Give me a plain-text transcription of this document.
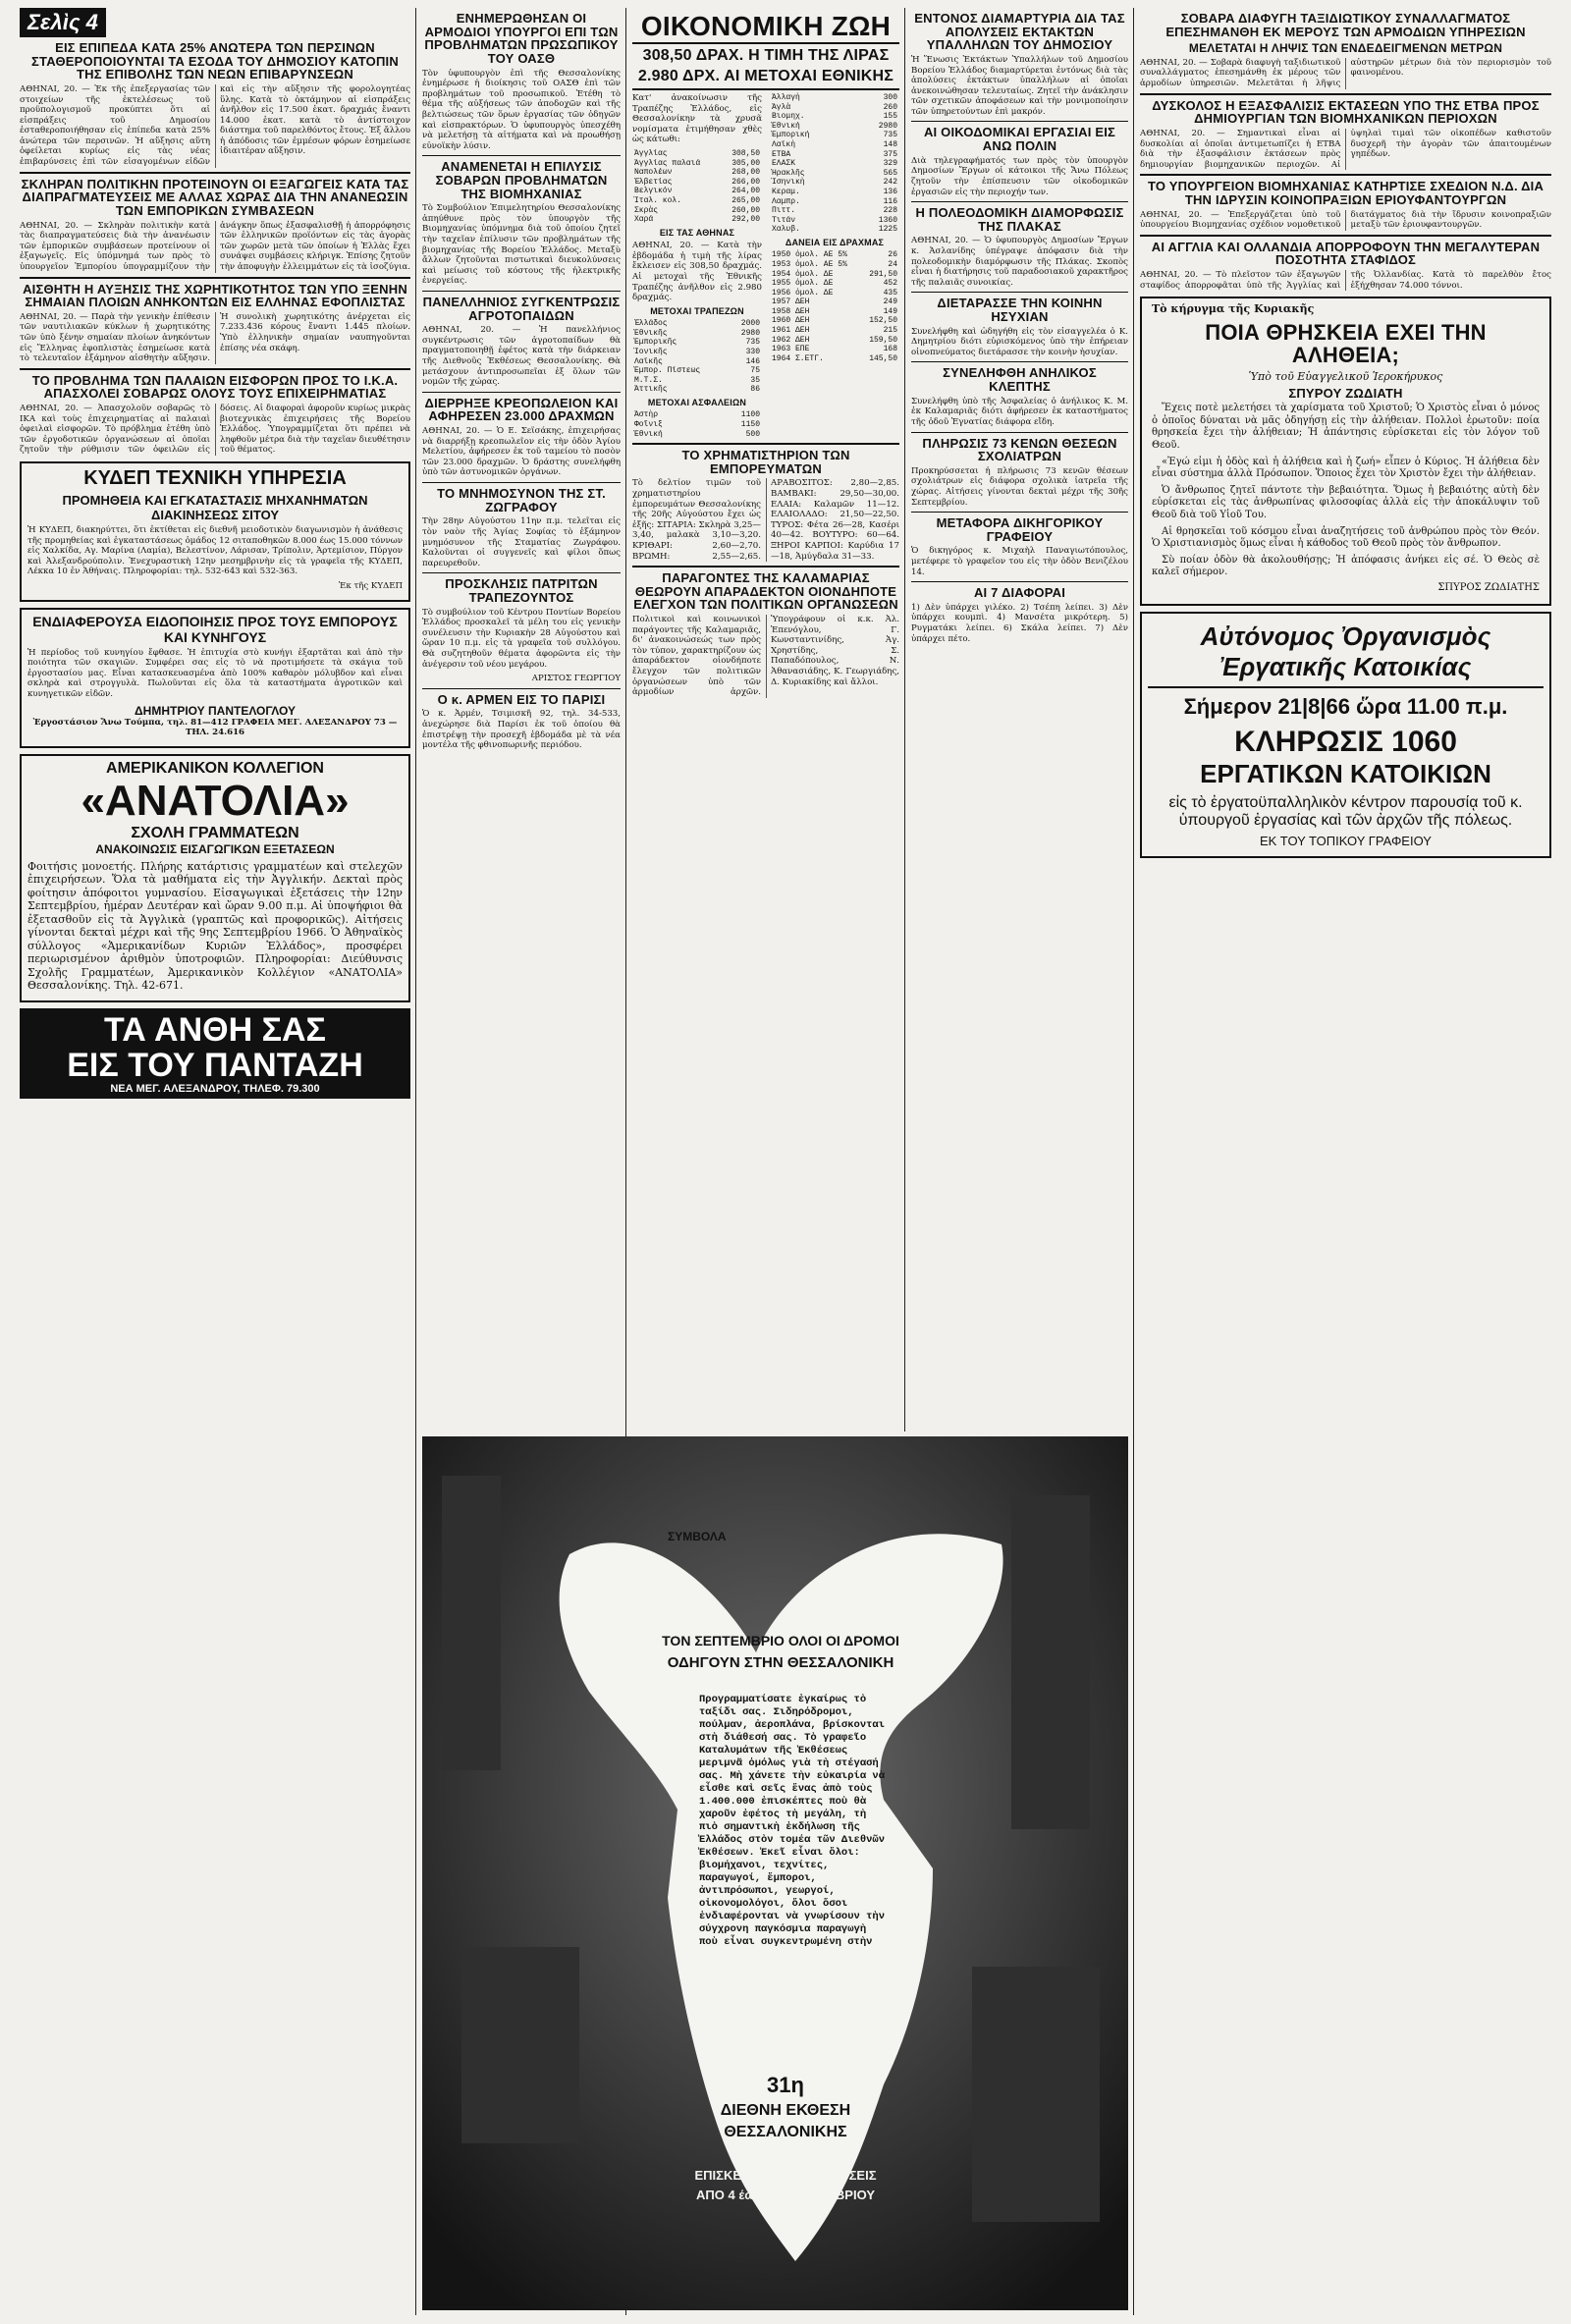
Σελὶς 4
ΕΙΣ ΕΠΙΠΕΔΑ ΚΑΤΑ 25% ΑΝΩΤΕΡΑ ΤΩΝ ΠΕΡΣΙΝΩΝ ΣΤΑΘΕΡΟΠΟΙΟΥΝΤΑΙ ΤΑ ΕΣΟΔΑ ΤΟΥ ΔΗΜΟΣΙΟΥ ΚΑΤΟΠΙΝ ΤΗΣ ΕΠΙΒΟΛΗΣ ΤΩΝ ΝΕΩΝ ΕΠΙΒΑΡΥΝΣΕΩΝ
ΑΘΗΝΑΙ, 20. — Ἐκ τῆς ἐπεξεργασίας τῶν στοιχείων τῆς ἐκτελέσεως τοῦ προϋπολογισμοῦ προκύπτει ὅτι αἱ εἰσπράξεις τοῦ Δημοσίου ἐσταθεροποιήθησαν εἰς ἐπίπεδα κατὰ 25% ἀνώτερα τῶν περσινῶν. Ἡ αὔξησις αὕτη ὀφείλεται κυρίως εἰς τὰς νέας ἐπιβαρύνσεις ἐπὶ τῶν εἰσαγομένων εἰδῶν καὶ εἰς τὴν αὔξησιν τῆς φορολογητέας ὕλης. Κατὰ τὸ ὀκτάμηνον αἱ εἰσπράξεις ἀνῆλθον εἰς 17.500 ἑκατ. δραχμάς ἔναντι 14.000 ἑκατ. κατὰ τὸ ἀντίστοιχον διάστημα τοῦ παρελθόντος ἔτους. Ἐξ ἄλλου ἡ ἀπόδοσις τῶν ἐμμέσων φόρων ἐσημείωσε ἰδιαιτέραν αὔξησιν.
ΣΚΛΗΡΑΝ ΠΟΛΙΤΙΚΗΝ ΠΡΟΤΕΙΝΟΥΝ ΟΙ ΕΞΑΓΩΓΕΙΣ ΚΑΤΑ ΤΑΣ ΔΙΑΠΡΑΓΜΑΤΕΥΣΕΙΣ ΜΕ ΑΛΛΑΣ ΧΩΡΑΣ ΔΙΑ ΤΗΝ ΑΝΑΝΕΩΣΙΝ ΤΩΝ ΕΜΠΟΡΙΚΩΝ ΣΥΜΒΑΣΕΩΝ
ΑΘΗΝΑΙ, 20. — Σκληρὰν πολιτικὴν κατὰ τὰς διαπραγματεύσεις διὰ τὴν ἀνανέωσιν τῶν ἐμπορικῶν συμβάσεων προτείνουν οἱ ἐξαγωγεῖς. Εἰς ὑπόμνημά των πρὸς τὸ ὑπουργεῖον Ἐμπορίου ὑπογραμμίζουν τὴν ἀνάγκην ὅπως ἐξασφαλισθῇ ἡ ἀπορρόφησις τῶν ἑλληνικῶν προϊόντων εἰς τὰς ἀγορὰς τῶν χωρῶν μετὰ τῶν ὁποίων ἡ Ἑλλὰς ἔχει συνάψει συμβάσεις κλήριγκ. Ἐπίσης ζητοῦν τὴν ἀποφυγὴν ἐλλειμμάτων εἰς τὰ ἰσοζύγια.
ΑΙΣΘΗΤΗ Η ΑΥΞΗΣΙΣ ΤΗΣ ΧΩΡΗΤΙΚΟΤΗΤΟΣ ΤΩΝ ΥΠΟ ΞΕΝΗΝ ΣΗΜΑΙΑΝ ΠΛΟΙΩΝ ΑΝΗΚΟΝΤΩΝ ΕΙΣ ΕΛΛΗΝΑΣ ΕΦΟΠΛΙΣΤΑΣ
ΑΘΗΝΑΙ, 20. — Παρὰ τὴν γενικὴν ἐπίθεσιν τῶν ναυτιλιακῶν κύκλων ἡ χωρητικότης τῶν ὑπὸ ξένην σημαίαν πλοίων ἀνηκόντων εἰς Ἕλληνας ἐφοπλιστὰς ἐσημείωσε κατὰ τὸ τελευταῖον ἑξάμηνον αἰσθητὴν αὔξησιν. Ἡ συνολικὴ χωρητικότης ἀνέρχεται εἰς 7.233.436 κόρους ἔναντι 1.445 πλοίων. Ὑπὸ ἑλληνικὴν σημαίαν ναυπηγοῦνται ἐπίσης νέα σκάφη.
ΤΟ ΠΡΟΒΛΗΜΑ ΤΩΝ ΠΑΛΑΙΩΝ ΕΙΣΦΟΡΩΝ ΠΡΟΣ ΤΟ Ι.Κ.Α. ΑΠΑΣΧΟΛΕΙ ΣΟΒΑΡΩΣ ΟΛΟΥΣ ΤΟΥΣ ΕΠΙΧΕΙΡΗΜΑΤΙΑΣ
ΑΘΗΝΑΙ, 20. — Ἀπασχολοῦν σοβαρῶς τὸ ΙΚΑ καὶ τοὺς ἐπιχειρηματίας αἱ παλαιαὶ ὀφειλαὶ εἰσφορῶν. Τὸ πρόβλημα ἐτέθη ὑπὸ τῶν ἐργοδοτικῶν ὀργανώσεων αἱ ὁποῖαι ζητοῦν τὴν ρύθμισιν τῶν ὀφειλῶν εἰς δόσεις. Αἱ διαφοραὶ ἀφοροῦν κυρίως μικρὰς βιοτεχνικὰς ἐπιχειρήσεις τῆς Βορείου Ἑλλάδος. Ὑπογραμμίζεται ὅτι πρέπει νὰ ληφθοῦν μέτρα διὰ τὴν ταχεῖαν διευθέτησιν τοῦ θέματος.
ΚΥΔΕΠ ΤΕΧΝΙΚΗ ΥΠΗΡΕΣΙΑ
ΠΡΟΜΗΘΕΙΑ ΚΑΙ ΕΓΚΑΤΑΣΤΑΣΙΣ ΜΗΧΑΝΗΜΑΤΩΝ ΔΙΑΚΙΝΗΣΕΩΣ ΣΙΤΟΥ
Ἡ ΚΥΔΕΠ, διακηρύττει, ὅτι ἐκτίθεται εἰς διεθνῆ μειοδοτικὸν διαγωνισμὸν ἡ ἀνάθεσις τῆς προμηθείας καὶ ἐγκαταστάσεως ὁμάδος 12 σιταποθηκῶν 8.000 έως 15.000 τόννων εἰς Χαλκίδα, Αγ. Μαρίνα (Λαμία), Βελεστίνον, Λάρισαν, Τρίπολιν, Ἀρτεμίσιον, Πύργον καὶ Ἀλεξανδρούπολιν. Ἐνεχυραστικὴ 12ην μεσημβρινὴν εἰς τὰ γραφεῖα τῆς ΚΥΔΕΠ, Λέκκα 10 ἐν Ἀθήναις. Πληροφορίαι: τηλ. 532-643 καὶ 532-363.
Ἐκ τῆς ΚΥΔΕΠ
ΕΝΔΙΑΦΕΡΟΥΣΑ ΕΙΔΟΠΟΙΗΣΙΣ ΠΡΟΣ ΤΟΥΣ ΕΜΠΟΡΟΥΣ ΚΑΙ ΚΥΝΗΓΟΥΣ
Ἡ περίοδος τοῦ κυνηγίου ἔφθασε. Ἡ ἐπιτυχία στὸ κυνήγι ἐξαρτᾶται καὶ ἀπὸ τὴν ποιότητα τῶν σκαγιῶν. Συμφέρει σας εἰς τὸ νὰ προτιμήσετε τὰ σκάγια τοῦ ἐργοστασίου μας. Εἶναι κατασκευασμένα ἀπὸ 100% καθαρὸν μόλυβδον καὶ εἶναι σκληρὰ καὶ στρογγυλὰ. Πωλοῦνται εἰς ὅλα τὰ καταστήματα ἀγροτικῶν καὶ κυνηγετικῶν εἰδῶν.
ΔΗΜΗΤΡΙΟΥ ΠΑΝΤΕΛΟΓΛΟΥ
Ἐργοστάσιον Ἄνω Τούμπα, τηλ. 81—412 ΓΡΑΦΕΙΑ ΜΕΓ. ΑΛΕΞΑΝΔΡΟΥ 73 — ΤΗΛ. 24.616
ΑΜΕΡΙΚΑΝΙΚΟΝ ΚΟΛΛΕΓΙΟΝ
«ΑΝΑΤΟΛΙΑ»
ΣΧΟΛΗ ΓΡΑΜΜΑΤΕΩΝ
ΑΝΑΚΟΙΝΩΣΙΣ ΕΙΣΑΓΩΓΙΚΩΝ ΕΞΕΤΑΣΕΩΝ
Φοιτήσις μονοετής. Πλήρης κατάρτισις γραμματέων καὶ στελεχῶν ἐπιχειρήσεων. Ὅλα τὰ μαθήματα εἰς τὴν Ἀγγλικήν. Δεκταὶ πρὸς φοίτησιν ἀπόφοιτοι γυμνασίου. Εἰσαγωγικαὶ ἐξετάσεις τὴν 12ην Σεπτεμβρίου, ἡμέραν Δευτέραν καὶ ὥραν 9.00 π.μ. Αἱ ὑποψήφιοι θὰ ἐξετασθοῦν εἰς τὰ Ἀγγλικὰ (γραπτῶς καὶ προφορικῶς). Αἰτήσεις γίνονται δεκταὶ μέχρι καὶ τῆς 9ης Σεπτεμβρίου 1966. Ὁ Ἀθηναϊκὸς σύλλογος «Ἀμερικανίδων Κυριῶν Ἑλλάδος», προσφέρει περιωρισμένον ἀριθμὸν ὑποτροφιῶν. Πληροφορίαι: Διεύθυνσις Σχολῆς Γραμματέων, Ἀμερικανικὸν Κολλέγιον «ΑΝΑΤΟΛΙΑ» Θεσσαλονίκης. Τηλ. 42-671.
ΤΑ ΑΝΘΗ ΣΑΣ
ΕΙΣ ΤΟΥ ΠΑΝΤΑΖΗ
ΝΕΑ ΜΕΓ. ΑΛΕΞΑΝΔΡΟΥ, ΤΗΛΕΦ. 79.300
ΕΝΗΜΕΡΩΘΗΣΑΝ ΟΙ ΑΡΜΟΔΙΟΙ ΥΠΟΥΡΓΟΙ ΕΠΙ ΤΩΝ ΠΡΟΒΛΗΜΑΤΩΝ ΠΡΩΣΩΠΙΚΟΥ ΤΟΥ ΟΑΣΘ
Τὸν ὑφυπουργὸν ἐπὶ τῆς Θεσσαλονίκης ἐνημέρωσε ἡ διοίκησις τοῦ ΟΑΣΘ ἐπὶ τῶν προβλημάτων τοῦ προσωπικοῦ. Ἐτέθη τὸ θέμα τῆς αὐξήσεως τῶν ἀποδοχῶν καὶ τῆς βελτιώσεως τῶν ὅρων ἐργασίας τῶν ὁδηγῶν καὶ εἰσπρακτόρων. Ὁ ὑφυπουργὸς ὑπεσχέθη νὰ μελετήσῃ τὰ αἰτήματα καὶ νὰ προωθήσῃ εὐνοϊκὴν λύσιν.
ΑΝΑΜΕΝΕΤΑΙ Η ΕΠΙΛΥΣΙΣ ΣΟΒΑΡΩΝ ΠΡΟΒΛΗΜΑΤΩΝ ΤΗΣ ΒΙΟΜΗΧΑΝΙΑΣ
Τὸ Συμβούλιον Ἐπιμελητηρίου Θεσσαλονίκης ἀπηύθυνε πρὸς τὸν ὑπουργὸν τῆς Βιομηχανίας ὑπόμνημα διὰ τοῦ ὁποίου ζητεῖ τὴν ταχεῖαν ἐπίλυσιν τῶν προβλημάτων τῆς βιομηχανίας τῆς Βορείου Ἑλλάδος. Μεταξὺ ἄλλων ζητοῦνται πιστωτικαὶ διευκολύνσεις καὶ μείωσις τοῦ κόστους τῆς ἠλεκτρικῆς ἐνεργείας.
ΠΑΝΕΛΛΗΝΙΟΣ ΣΥΓΚΕΝΤΡΩΣΙΣ ΑΓΡΟΤΟΠΑΙΔΩΝ
ΑΘΗΝΑΙ, 20. — Ἡ πανελλήνιος συγκέντρωσις τῶν ἀγροτοπαίδων θὰ πραγματοποιηθῇ ἐφέτος κατὰ τὴν διάρκειαν τῆς Διεθνοῦς Ἐκθέσεως Θεσσαλονίκης. Θὰ μετάσχουν ἀντιπροσωπεῖαι ἐξ ὅλων τῶν νομῶν τῆς χώρας.
ΔΙΕΡΡΗΞΕ ΚΡΕΟΠΩΛΕΙΟΝ ΚΑΙ ΑΦΗΡΕΣΕΝ 23.000 ΔΡΑΧΜΩΝ
ΑΘΗΝΑΙ, 20. — Ὁ Ε. Σεϊσάκης, ἐπιχειρήσας νὰ διαρρήξῃ κρεοπωλεῖον εἰς τὴν ὁδὸν Ἀγίου Μελετίου, ἀφήρεσεν ἐκ τοῦ ταμείου τὸ ποσὸν τῶν 23.000 δραχμῶν. Ὁ δράστης συνελήφθη ὑπὸ τῶν ἀστυνομικῶν ὀργάνων.
ΤΟ ΜΝΗΜΟΣΥΝΟΝ ΤΗΣ ΣΤ. ΖΩΓΡΑΦΟΥ
Τὴν 28ην Αὐγούστου 11ην π.μ. τελεῖται εἰς τὸν ναὸν τῆς Ἁγίας Σοφίας τὸ ἑξάμηνον μνημόσυνον τῆς Σταματίας Ζωγράφου. Καλοῦνται οἱ συγγενεῖς καὶ φίλοι ὅπως παρευρεθοῦν.
ΠΡΟΣΚΛΗΣΙΣ ΠΑΤΡΙΤΩΝ ΤΡΑΠΕΖΟΥΝΤΟΣ
Τὸ συμβούλιον τοῦ Κέντρου Ποντίων Βορείου Ἑλλάδος προσκαλεῖ τὰ μέλη του εἰς γενικὴν συνέλευσιν τὴν Κυριακὴν 28 Αὐγούστου καὶ ὥραν 10 π.μ. εἰς τὰ γραφεῖα τοῦ συλλόγου. Θὰ συζητηθοῦν θέματα ἀφορῶντα εἰς τὴν ἀνέγερσιν τοῦ νέου μεγάρου.
ΑΡΙΣΤΟΣ ΓΕΩΡΓΙΟΥ
Ο κ. ΑΡΜΕΝ ΕΙΣ ΤΟ ΠΑΡΙΣΙ
Ὁ κ. Ἀρμέν, Τσιμισκῆ 92, τηλ. 34-533, ἀνεχώρησε διὰ Παρίσι ἐκ τοῦ ὁποίου θὰ ἐπιστρέψῃ τὴν προσεχῆ ἑβδομάδα μὲ τὰ νέα μοντέλα τῆς φθινοπωρινῆς περιόδου.
ΟΙΚΟΝΟΜΙΚΗ ΖΩΗ
308,50 ΔΡΑΧ. Η ΤΙΜΗ ΤΗΣ ΛΙΡΑΣ
2.980 ΔΡΧ. ΑΙ ΜΕΤΟΧΑΙ ΕΘΝΙΚΗΣ
Κατ' ἀνακοίνωσιν τῆς Τραπέζης Ἑλλάδος, εἰς Θεσσαλονίκην τὰ χρυσᾶ νομίσματα ἐτιμήθησαν χθὲς ὡς κάτωθι:
Ἀγγλίας	308,50
Ἀγγλίας παλαιά	305,00
Ναπολέων	268,00
Ἑλβετίας	266,00
Βελγικόν	264,00
Ἰταλ. κολ.	265,00
Σκρὰς	260,00
Χαρά	292,00
ΕΙΣ ΤΑΣ ΑΘΗΝΑΣ
ΑΘΗΝΑΙ, 20. — Κατὰ τὴν ἑβδομάδα ἡ τιμὴ τῆς λίρας ἔκλεισεν εἰς 308,50 δραχμάς. Αἱ μετοχαὶ τῆς Ἐθνικῆς Τραπέζης ἀνῆλθον εἰς 2.980 δραχμάς.
ΜΕΤΟΧΑΙ ΤΡΑΠΕΖΩΝ
Ἑλλάδος	2000
Ἐθνικῆς	2980
Ἐμπορικῆς	735
Ἰονικῆς	330
Λαϊκῆς	146
Ἐμπορ. Πίστεως	75
Μ.Τ.Σ.	35
Ἀττικῆς	86
ΜΕΤΟΧΑΙ ΑΣΦΑΛΕΙΩΝ
Ἀστὴρ	1100
Φοῖνιξ	1150
Ἐθνική	500
Ἀλλαγὴ	300
Ἀγλὰ	260
Βιομηχ.	155
Ἐθνική	2980
Ἐμπορική	735
Λαϊκὴ	148
ΕΤΒΑ	375
ΕΛΑΣΚ	329
Ἡρακλῆς	565
Ἰσηνικὴ	242
Κεραμ.	136
Λαμπρ.	116
Πιττ.	228
Τιτάν	1360
Χαλυβ.	1225
ΔΑΝΕΙΑ ΕΙΣ ΔΡΑΧΜΑΣ
1950 ὁμολ. ΑΕ 5%	26
1953 ὁμολ. ΑΕ 5%	24
1954 ὁμολ. ΔΕ	291,50
1955 ὁμολ. ΔΕ	452
1956 ὁμολ. ΔΕ	435
1957 ΔΕΗ	249
1958 ΔΕΗ	149
1960 ΔΕΗ	152,50
1961 ΔΕΗ	215
1962 ΔΕΗ	159,50
1963 ΕΠΕ	168
1964 Σ.ΕΤΓ.	145,50
ΤΟ ΧΡΗΜΑΤΙΣΤΗΡΙΟΝ ΤΩΝ ΕΜΠΟΡΕΥΜΑΤΩΝ
Τὸ δελτίον τιμῶν τοῦ χρηματιστηρίου ἐμπορευμάτων Θεσσαλονίκης τῆς 20ῆς Αὐγούστου ἔχει ὡς ἑξῆς: ΣΙΤΑΡΙΑ: Σκληρὰ 3,25—3,40, μαλακὰ 3,10—3,20. ΚΡΙΘΑΡΙ: 2,60—2,70. ΒΡΩΜΗ: 2,55—2,65. ΑΡΑΒΟΣΙΤΟΣ: 2,80—2,85. ΒΑΜΒΑΚΙ: 29,50—30,00. ΕΛΑΙΑ: Καλαμῶν 11—12. ΕΛΑΙΟΛΑΔΟ: 21,50—22,50. ΤΥΡΟΣ: Φέτα 26—28, Κασέρι 40—42. ΒΟΥΤΥΡΟ: 60—64. ΞΗΡΟΙ ΚΑΡΠΟΙ: Καρύδια 17—18, Ἀμύγδαλα 31—33.
ΠΑΡΑΓΟΝΤΕΣ ΤΗΣ ΚΑΛΑΜΑΡΙΑΣ ΘΕΩΡΟΥΝ ΑΠΑΡΑΔΕΚΤΟΝ ΟΙΟΝΔΗΠΟΤΕ ΕΛΕΓΧΟΝ ΤΩΝ ΠΟΛΙΤΙΚΩΝ ΟΡΓΑΝΩΣΕΩΝ
Πολιτικοὶ καὶ κοινωνικοὶ παράγοντες τῆς Καλαμαριᾶς, δι' ἀνακοινώσεώς των πρὸς τὸν τύπον, χαρακτηρίζουν ὡς ἀπαράδεκτον οἱονδήποτε ἔλεγχον τῶν πολιτικῶν ὀργανώσεων ὑπὸ τῶν ἀρμοδίων ἀρχῶν. Ὑπογράφουν οἱ κ.κ. Ἀλ. Ἐπενόγλου, Γ. Κωνσταντινίδης, Ἀγ. Χρηστίδης, Σ. Παπαδόπουλος, Ν. Ἀθανασιάδης, Κ. Γεωργιάδης, Δ. Κυριακίδης καὶ ἄλλοι.
ΕΝΤΟΝΟΣ ΔΙΑΜΑΡΤΥΡΙΑ ΔΙΑ ΤΑΣ ΑΠΟΛΥΣΕΙΣ ΕΚΤΑΚΤΩΝ ΥΠΑΛΛΗΛΩΝ ΤΟΥ ΔΗΜΟΣΙΟΥ
Ἡ Ἕνωσις Ἐκτάκτων Ὑπαλλήλων τοῦ Δημοσίου Βορείου Ἑλλάδος διαμαρτύρεται ἐντόνως διὰ τὰς ἀπολύσεις ἐκτάκτων ὑπαλλήλων αἱ ὁποῖαι ἀνεκοινώθησαν τελευταίως. Ζητεῖ τὴν ἀνάκλησιν τῶν σχετικῶν ἀποφάσεων καὶ τὴν μονιμοποίησιν τῶν ὑπηρετούντων ἐπὶ μακρόν.
ΑΙ ΟΙΚΟΔΟΜΙΚΑΙ ΕΡΓΑΣΙΑΙ ΕΙΣ ΑΝΩ ΠΟΛΙΝ
Διὰ τηλεγραφήματός των πρὸς τὸν ὑπουργὸν Δημοσίων Ἔργων οἱ κάτοικοι τῆς Ἄνω Πόλεως ζητοῦν τὴν ἐπίσπευσιν τῶν οἰκοδομικῶν ἐργασιῶν εἰς τὴν περιοχήν των.
Η ΠΟΛΕΟΔΟΜΙΚΗ ΔΙΑΜΟΡΦΩΣΙΣ ΤΗΣ ΠΛΑΚΑΣ
ΑΘΗΝΑΙ, 20. — Ὁ ὑφυπουργὸς Δημοσίων Ἔργων κ. Ἀσλανίδης ὑπέγραψε ἀπόφασιν διὰ τὴν πολεοδομικὴν διαμόρφωσιν τῆς Πλάκας. Σκοπὸς εἶναι ἡ διατήρησις τοῦ παραδοσιακοῦ χαρακτῆρος τῆς παλαιᾶς συνοικίας.
ΔΙΕΤΑΡΑΣΣΕ ΤΗΝ ΚΟΙΝΗΝ ΗΣΥΧΙΑΝ
Συνελήφθη καὶ ὡδηγήθη εἰς τὸν εἰσαγγελέα ὁ Κ. Δημητρίου διότι εὑρισκόμενος ὑπὸ τὴν ἐπήρειαν οἰνοπνεύματος διετάρασσε τὴν κοινὴν ἡσυχίαν.
ΣΥΝΕΛΗΦΘΗ ΑΝΗΛΙΚΟΣ ΚΛΕΠΤΗΣ
Συνελήφθη ὑπὸ τῆς Ἀσφαλείας ὁ ἀνήλικος Κ. Μ. ἐκ Καλαμαριᾶς διότι ἀφήρεσεν ἐκ καταστήματος τῆς ὁδοῦ Ἐγνατίας διάφορα εἴδη.
ΠΛΗΡΩΣΙΣ 73 ΚΕΝΩΝ ΘΕΣΕΩΝ ΣΧΟΛΙΑΤΡΩΝ
Προκηρύσσεται ἡ πλήρωσις 73 κενῶν θέσεων σχολιάτρων εἰς διάφορα σχολικὰ ἰατρεῖα τῆς χώρας. Αἰτήσεις γίνονται δεκταὶ μέχρι τῆς 30ῆς Σεπτεμβρίου.
ΜΕΤΑΦΟΡΑ ΔΙΚΗΓΟΡΙΚΟΥ ΓΡΑΦΕΙΟΥ
Ὁ δικηγόρος κ. Μιχαὴλ Παναγιωτόπουλος, μετέφερε τὸ γραφεῖον του εἰς τὴν ὁδὸν Βενιζέλου 14.
ΑΙ 7 ΔΙΑΦΟΡΑΙ
1) Δὲν ὑπάρχει γιλέκο. 2) Τσέπη λείπει. 3) Δὲν ὑπάρχει κουμπὶ. 4) Μανσέτα μικρότερη. 5) Ρυγματάκι λείπει. 6) Σκάλα λείπει. 7) Δὲν ὑπάρχει πέτο.
ΣΟΒΑΡΑ ΔΙΑΦΥΓΗ ΤΑΞΙΔΙΩΤΙΚΟΥ ΣΥΝΑΛΛΑΓΜΑΤΟΣ ΕΠΕΣΗΜΑΝΘΗ ΕΚ ΜΕΡΟΥΣ ΤΩΝ ΑΡΜΟΔΙΩΝ ΥΠΗΡΕΣΙΩΝ
ΜΕΛΕΤΑΤΑΙ Η ΛΗΨΙΣ ΤΩΝ ΕΝΔΕΔΕΙΓΜΕΝΩΝ ΜΕΤΡΩΝ
ΑΘΗΝΑΙ, 20. — Σοβαρὰ διαφυγὴ ταξιδιωτικοῦ συναλλάγματος ἐπεσημάνθη ἐκ μέρους τῶν ἁρμοδίων ὑπηρεσιῶν. Μελετᾶται ἡ λῆψις αὐστηρῶν μέτρων διὰ τὸν περιορισμὸν τοῦ φαινομένου.
ΔΥΣΚΟΛΟΣ Η ΕΞΑΣΦΑΛΙΣΙΣ ΕΚΤΑΣΕΩΝ ΥΠΟ ΤΗΣ ΕΤΒΑ ΠΡΟΣ ΔΗΜΙΟΥΡΓΙΑΝ ΤΩΝ ΒΙΟΜΗΧΑΝΙΚΩΝ ΠΕΡΙΟΧΩΝ
ΑΘΗΝΑΙ, 20. — Σημαντικαὶ εἶναι αἱ δυσκολίαι αἱ ὁποῖαι ἀντιμετωπίζει ἡ ΕΤΒΑ διὰ τὴν ἐξασφάλισιν ἐκτάσεων πρὸς δημιουργίαν βιομηχανικῶν περιοχῶν. Αἱ ὑψηλαὶ τιμαὶ τῶν οἰκοπέδων καθιστοῦν δυσχερῆ τὴν ἀγορὰν τῶν ἀπαιτουμένων γηπέδων.
ΤΟ ΥΠΟΥΡΓΕΙΟΝ ΒΙΟΜΗΧΑΝΙΑΣ ΚΑΤΗΡΤΙΣΕ ΣΧΕΔΙΟΝ Ν.Δ. ΔΙΑ ΤΗΝ ΙΔΡΥΣΙΝ ΚΟΙΝΟΠΡΑΞΙΩΝ ΕΡΙΟΥΦΑΝΤΟΥΡΓΩΝ
ΑΘΗΝΑΙ, 20. — Ἐπεξεργάζεται ὑπὸ τοῦ ὑπουργείου Βιομηχανίας σχέδιον νομοθετικοῦ διατάγματος διὰ τὴν ἵδρυσιν κοινοπραξιῶν μεταξὺ τῶν ἐριουφαντουργῶν.
ΑΙ ΑΓΓΛΙΑ ΚΑΙ ΟΛΛΑΝΔΙΑ ΑΠΟΡΡΟΦΟΥΝ ΤΗΝ ΜΕΓΑΛΥΤΕΡΑΝ ΠΟΣΟΤΗΤΑ ΣΤΑΦΙΔΟΣ
ΑΘΗΝΑΙ, 20. — Τὸ πλεῖστον τῶν ἐξαγωγῶν σταφίδος ἀπορροφᾶται ὑπὸ τῆς Ἀγγλίας καὶ τῆς Ὀλλανδίας. Κατὰ τὸ παρελθὸν ἔτος ἐξήχθησαν 74.000 τόννοι.
Τὸ κήρυγμα τῆς Κυριακῆς
ΠΟΙΑ ΘΡΗΣΚΕΙΑ ΕΧΕΙ ΤΗΝ ΑΛΗΘΕΙΑ;
Ὑπὸ τοῦ Εὐαγγελικοῦ Ἱεροκήρυκος
ΣΠΥΡΟΥ ΖΩΔΙΑΤΗ

Ἔχεις ποτὲ μελετήσει τὰ χαρίσματα τοῦ Χριστοῦ; Ὁ Χριστὸς εἶναι ὁ μόνος ὁ ὁποῖος δύναται νὰ μᾶς ὁδηγήσῃ εἰς τὴν ἀλήθειαν. Πολλοὶ ἐρωτοῦν: ποία θρησκεία ἔχει τὴν ἀλήθειαν; Ἡ ἀπάντησις εὑρίσκεται εἰς τὸν λόγον τοῦ Θεοῦ.

«Ἐγώ εἰμι ἡ ὁδὸς καὶ ἡ ἀλήθεια καὶ ἡ ζωή» εἶπεν ὁ Κύριος. Ἡ ἀλήθεια δὲν εἶναι σύστημα ἀλλὰ Πρόσωπον. Ὅποιος ἔχει τὸν Χριστὸν ἔχει τὴν ἀλήθειαν.

Ὁ ἄνθρωπος ζητεῖ πάντοτε τὴν βεβαιότητα. Ὅμως ἡ βεβαιότης αὐτὴ δὲν εὑρίσκεται εἰς τὰς ἀνθρωπίνας φιλοσοφίας ἀλλὰ εἰς τὴν ἀποκάλυψιν τοῦ Θεοῦ διὰ τοῦ Υἱοῦ Του.

Αἱ θρησκεῖαι τοῦ κόσμου εἶναι ἀναζητήσεις τοῦ ἀνθρώπου πρὸς τὸν Θεόν. Ὁ Χριστιανισμὸς ὅμως εἶναι ἡ κάθοδος τοῦ Θεοῦ πρὸς τὸν ἄνθρωπον.

Σὺ ποίαν ὁδὸν θὰ ἀκολουθήσῃς; Ἡ ἀπόφασις ἀνήκει εἰς σέ. Ὁ Θεὸς σὲ καλεῖ σήμερον.

ΣΠΥΡΟΣ ΖΩΔΙΑΤΗΣ
Αὐτόνομος Ὀργανισμὸς
Ἐργατικῆς Κατοικίας
Σήμερον 21|8|66 ὥρα 11.00 π.μ.
ΚΛΗΡΩΣΙΣ 1060
ΕΡΓΑΤΙΚΩΝ ΚΑΤΟΙΚΙΩΝ
εἰς τὸ ἐργατοϋπαλληλικὸν κέντρον παρουσίᾳ τοῦ κ. ὑπουργοῦ ἐργασίας καὶ τῶν ἀρχῶν τῆς πόλεως.
ΕΚ ΤΟΥ ΤΟΠΙΚΟΥ ΓΡΑΦΕΙΟΥ
ΣΥΜΒΟΛΑ
ΤΟΝ ΣΕΠΤΕΜΒΡΙΟ ΟΛΟΙ ΟΙ ΔΡΟΜΟΙ
ΟΔΗΓΟΥΝ ΣΤΗΝ ΘΕΣΣΑΛΟΝΙΚΗ
Προγραμματίσατε ἐγκαίρως τὸ ταξίδι σας. Σιδηρόδρομοι, πούλμαν, ἀεροπλάνα, βρίσκονται στὴ διάθεσή σας. Τὸ γραφεῖο Καταλυμάτων τῆς Ἐκθέσεως μεριμνᾶ ὁμόλως γιὰ τὴ στέγασή σας. Μὴ χάνετε τὴν εὐκαιρία νὰ εἶσθε καὶ σεῖς ἕνας ἀπὸ τοὺς 1.400.000 ἐπισκέπτες ποὺ θὰ χαροῦν ἐφέτος τὴ μεγάλη, τὴ πιὸ σημαντικὴ ἐκδήλωση τῆς Ἑλλάδος στὸν τομέα τῶν Διεθνῶν Ἐκθέσεων. Ἐκεῖ εἶναι ὅλοι: βιομήχανοι, τεχνίτες, παραγωγοί, ἔμποροι, ἀντιπρόσωποι, γεωργοί, οἰκονομολόγοι, ὅλοι ὅσοι ἐνδιαφέρονται νὰ γνωρίσουν τὴν σύγχρονη παγκόσμια παραγωγὴ ποὺ εἶναι συγκεντρωμένη στὴν
31η
ΔΙΕΘΝΗ ΕΚΘΕΣΗ
ΘΕΣΣΑΛΟΝΙΚΗΣ
ΕΠΙΣΚΕΦΘΕΙΤΕ ΤΗΝ ΚΑΙ ΣΕΙΣ
ΑΠΟ 4 έως 25 ΣΕΠΤΕΜΒΡΙΟΥ
